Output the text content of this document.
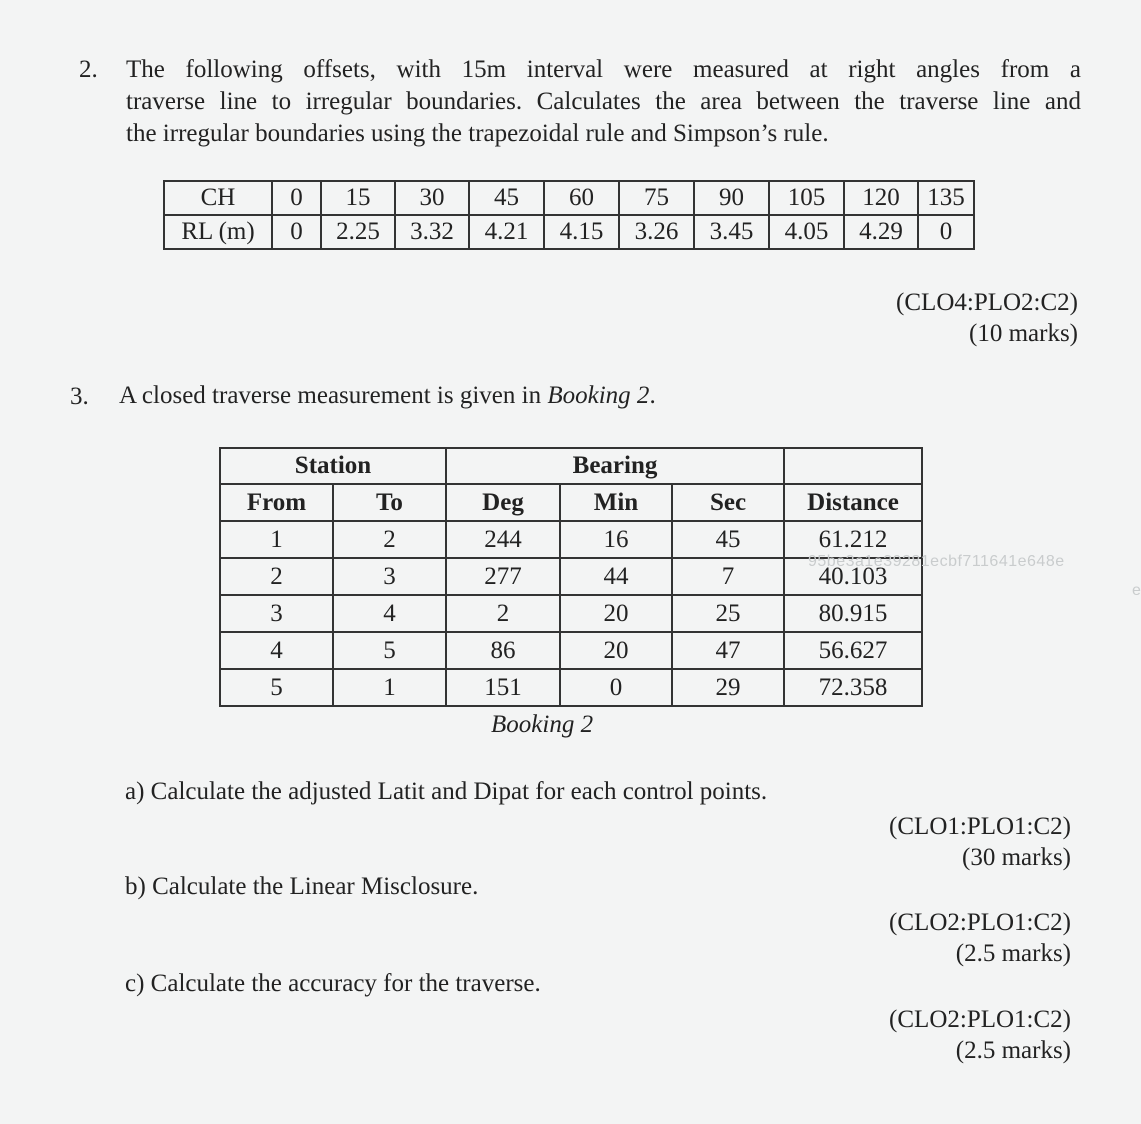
2. The following offsets, with 15m interval were measured at right angles from a
traverse line to irregular boundaries. Calculates the area between the traverse line and
the irregular boundaries using the trapezoidal rule and Simpson’s rule.
CH	0	15	30	45	60	75	90	105	120	135
RL (m)	0	2.25	3.32	4.21	4.15	3.26	3.45	4.05	4.29	0
(CLO4:PLO2:C2)
(10 marks)
3. A closed traverse measurement is given in Booking 2.
Station		Bearing			
From	To	Deg	Min	Sec	Distance
1	2	244	16	45	61.212
2	3	277	44	7	40.103
3	4	2	20	25	80.915
4	5	86	20	47	56.627
5	1	151	0	29	72.358
Booking 2
95be3a1e39281ecbf711641e648e
e
a) Calculate the adjusted Latit and Dipat for each control points.
(CLO1:PLO1:C2)
(30 marks)
b) Calculate the Linear Misclosure.
(CLO2:PLO1:C2)
(2.5 marks)
c) Calculate the accuracy for the traverse.
(CLO2:PLO1:C2)
(2.5 marks)
